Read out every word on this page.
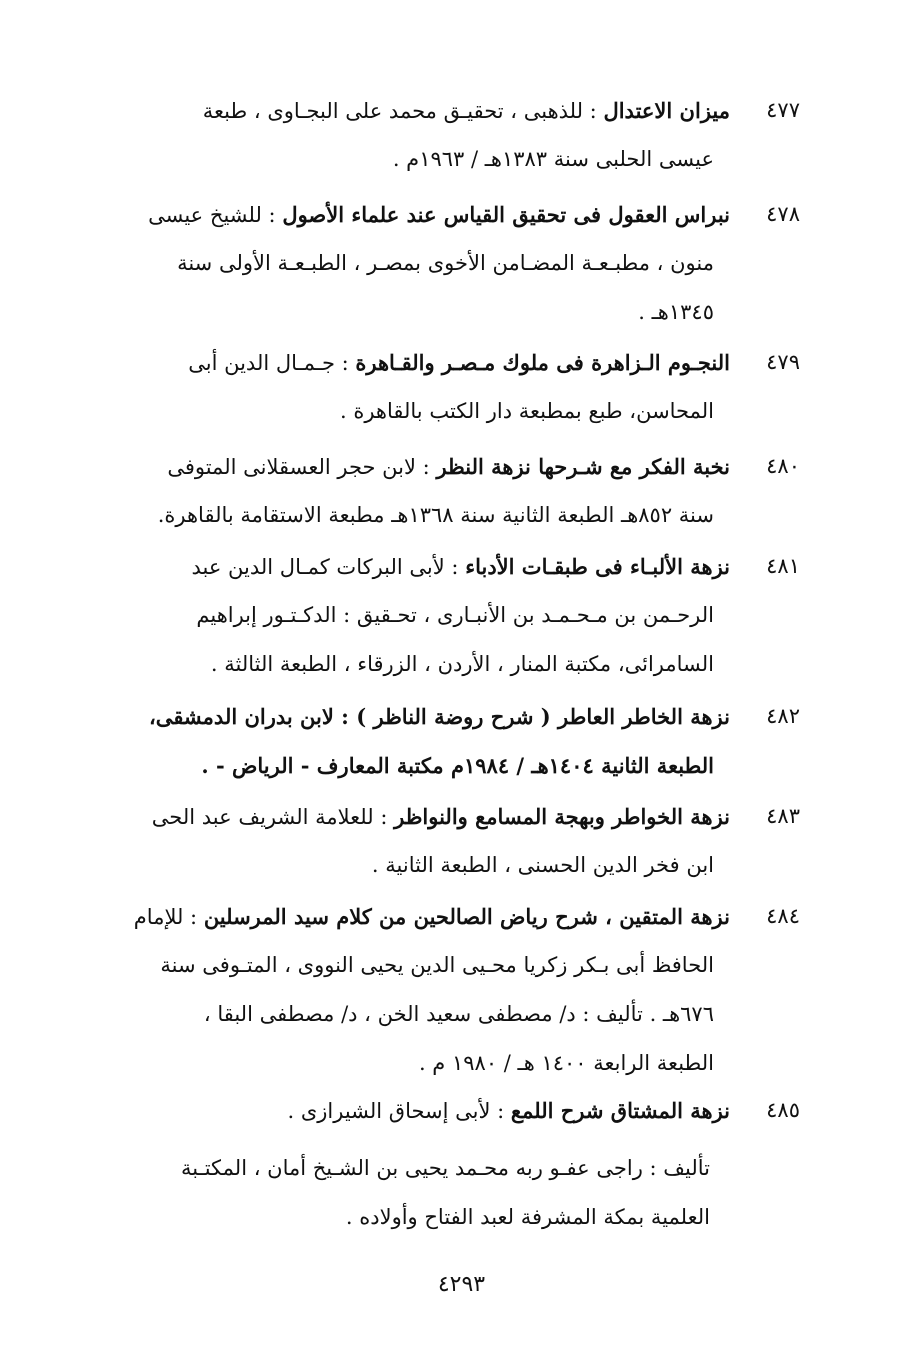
٤٧٧
ميزان الاعتدال : للذهبى ، تحقيـق محمد على البجـاوى ، طبعة
عيسى الحلبى سنة ١٣٨٣هـ / ١٩٦٣م .
٤٧٨
نبراس العقول فى تحقيق القياس عند علماء الأصول : للشيخ عيسى
منون ، مطبـعـة المضـامن الأخوى بمصـر ، الطبـعـة الأولى سنة
١٣٤٥هـ .
٤٧٩
النجـوم الـزاهرة فى ملوك مـصـر والقـاهرة : جـمـال الدين أبى
المحاسن، طبع بمطبعة دار الكتب بالقاهرة .
٤٨٠
نخبة الفكر مع شـرحها نزهة النظر : لابن حجر العسقلانى المتوفى
سنة ٨٥٢هـ الطبعة الثانية سنة ١٣٦٨هـ مطبعة الاستقامة بالقاهرة.
٤٨١
نزهة الألبـاء فى طبقـات الأدباء : لأبى البركات كمـال الدين عبد
الرحـمن بن مـحـمـد بن الأنبـارى ، تحـقيق : الدكـتـور إبراهيم
السامرائى، مكتبة المنار ، الأردن ، الزرقاء ، الطبعة الثالثة .
٤٨٢
نزهة الخاطر العاطر ( شرح روضة الناظر ) : لابن بدران الدمشقى،
الطبعة الثانية ١٤٠٤هـ / ١٩٨٤م مكتبة المعارف - الرياض - .
٤٨٣
نزهة الخواطر وبهجة المسامع والنواظر : للعلامة الشريف عبد الحى
ابن فخر الدين الحسنى ، الطبعة الثانية .
٤٨٤
نزهة المتقين ، شرح رياض الصالحين من كلام سيد المرسلين : للإمام
الحافظ أبى بـكر زكريا محـيى الدين يحيى النووى ، المتـوفى سنة
٦٧٦هـ . تأليف : د/ مصطفى سعيد الخن ، د/ مصطفى البقا ،
الطبعة الرابعة ١٤٠٠ هـ / ١٩٨٠ م .
٤٨٥
نزهة المشتاق شرح اللمع : لأبى إسحاق الشيرازى .
تأليف : راجى عفـو ربه محـمد يحيى بن الشـيخ أمان ، المكتـبة
العلمية بمكة المشرفة لعبد الفتاح وأولاده .
٤٢٩٣
